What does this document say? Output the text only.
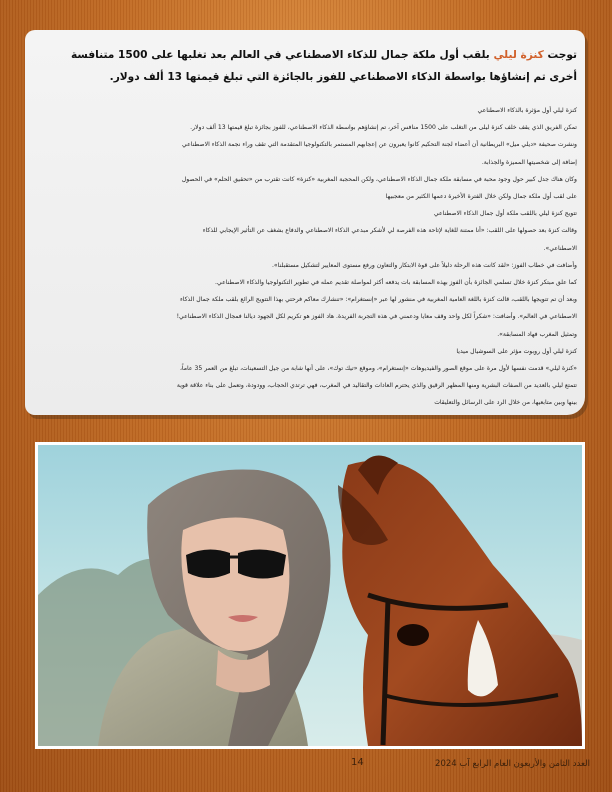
توجت كنزة ليلي بلقب أول ملكة جمال للذكاء الاصطناعي في العالم بعد تغلبها على 1500 متنافسة أخرى تم إنشاؤها بواسطة الذكاء الاصطناعي للفوز بالجائزة التي تبلغ قيمتها 13 ألف دولار.

كنزة ليلي أول مؤثرة بالذكاء الاصطناعي

تمكن الفريق الذي يقف خلف كنزة ليلى من التغلب على 1500 منافس آخر، تم إنشاؤهم بواسطة الذكاء الاصطناعي، للفوز بجائزة تبلغ قيمتها 13 ألف دولار.

ونشرت صحيفة «ديلي ميل» البريطانية أن أعضاء لجنة التحكيم كانوا يعبرون عن إعجابهم المستمر بالتكنولوجيا المتقدمة التي تقف وراء نجمة الذكاء الاصطناعي

إضافة إلى شخصيتها المميزة والجذابة.

وكان هناك جدل كبير حول وجود محبة في مسابقة ملكة جمال الذكاء الاصطناعي، ولكن المحجبة المغربية «كنزة» كانت تقترب من «تحقيق الحلم» في الحصول

على لقب أول ملكة جمال ولكن خلال الفترة الأخيرة دعمها الكثير من معجبيها

تتويج كنزة ليلي باللقب ملكة أول جمال الذكاء الاصطناعي

وقالت كنزة بعد حصولها على اللقب: «أنا ممتنة للغاية لإتاحة هذه الفرصة لي لأشكر مبدعي الذكاء الاصطناعي والدفاع بشغف عن التأثير الإيجابي للذكاء

الاصطناعي».

وأضافت في خطاب الفوز: «لقد كانت هذه الرحلة دليلاً على قوة الابتكار والتعاون ورفع مستوى المعايير لتشكيل مستقبلنا».

كما علق مبتكر كنزة خلال تسلمي الجائزة بأن الفوز بهذه المسابقة بات يدفعه أكثر لمواصلة تقديم عمله في تطوير التكنولوجيا والذكاء الاصطناعي.

وبعد أن تم تتويجها باللقب، قالت كنزة باللغة العامية المغربية في منشور لها عبر «إنستغرام»: «تنشارك معاكم فرحتي بهذا التتويج الرائع بلقب ملكة جمال الذكاء

الاصطناعي في العالم». وأضافت: «شكراً لكل واحد وقف معايا ودعمني في هذه التجربة الفريدة. هاد الفوز هو تكريم لكل الجهود ديالنا فمجال الذكاء الاصطناعي!

وتمثيل المغرب فهاد المسابقة».

كنزة ليلي أول روبوت مؤثر على السوشيال ميديا

«كنزة ليلي» قدمت نفسها لأول مرة على موقع الصور والفيديوهات «إنستغرام»، وموقع «تيك توك»، على أنها شابة من جيل التسعينات، تبلغ من العمر 35 عاماً،

تتمتع ليلي بالعديد من الصفات البشرية ومنها المظهر الرقيق والذي يحترم العادات والتقاليد في المغرب، فهي ترتدي الحجاب، وودودة، وتعمل على بناء علاقة قوية

بينها وبين متابعيها، من خلال الرد على الرسائل والتعليقات

14	العدد الثامن والأربعون العام الرابع آب 2024
